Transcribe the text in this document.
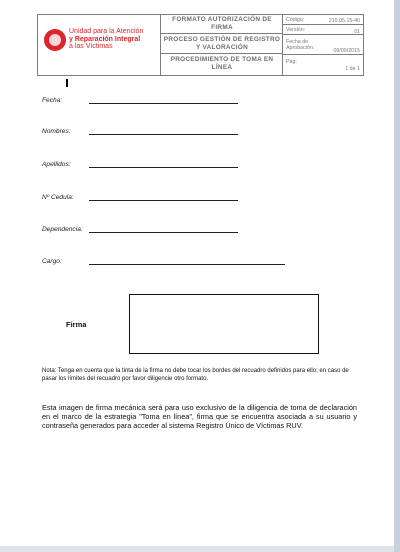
Unidad para la Atención
y Reparación Integral
a las Víctimas
FORMATO AUTORIZACIÓN DE FIRMA
PROCESO GESTIÓN DE REGISTRO Y VALORACIÓN
PROCEDIMIENTO DE TOMA EN LÍNEA
Código:	210.05.15-40
Versión:	01
Fecha de Aprobación:	09/09/2015
Pág:
1 de 1
Fecha:
Nombres:
Apellidos:
Nº Cedula:
Dependencia:
Cargo:
Firma
Nota: Tenga en cuenta que la tinta de la firma no debe tocar los bordes del recuadro definidos para ello; en caso de pasar los límites del recuadro por favor diligencie otro formato.
Esta imagen de firma mecánica será para uso exclusivo de la diligencia de toma de declaración en el marco de la estrategia "Toma en línea", firma que se encuentra asociada a su usuario y contraseña generados para acceder al sistema Registro Único de Víctimas RUV.
